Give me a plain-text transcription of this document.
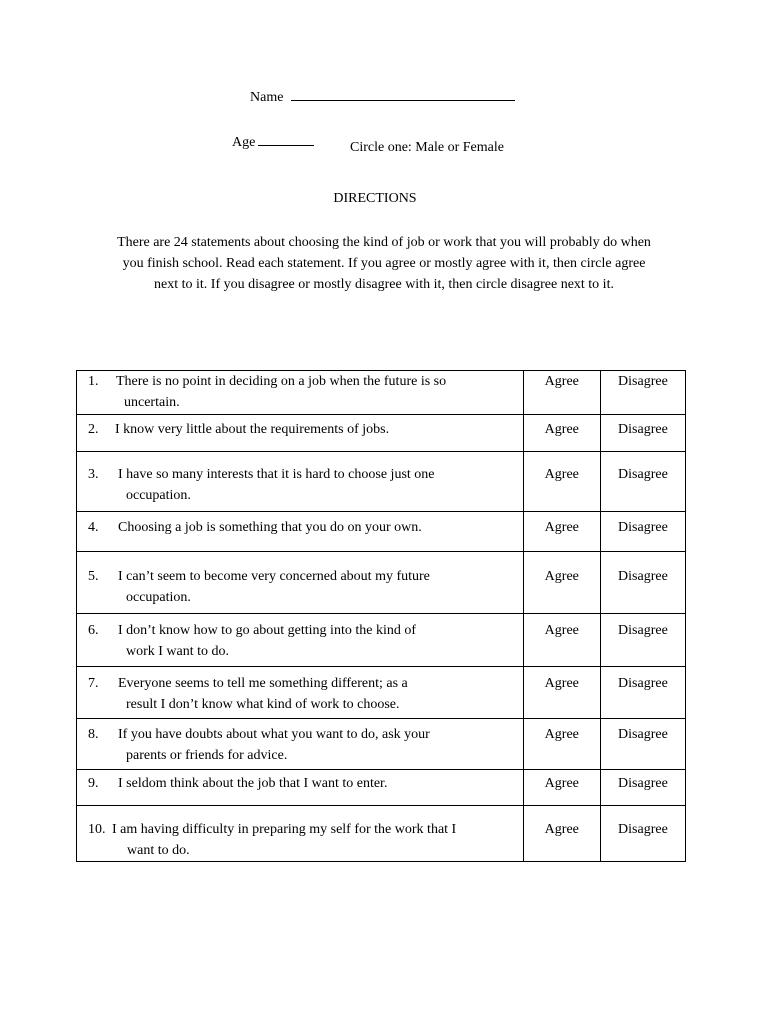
Name
Age	Circle one: Male or Female
DIRECTIONS
There are 24 statements about choosing the kind of job or work that you will probably do when you finish school. Read each statement. If you agree or mostly agree with it, then circle agree next to it. If you disagree or mostly disagree with it, then circle disagree next to it.
1. There is no point in deciding on a job when the future is so
uncertain.	Agree	Disagree

2. I know very little about the requirements of jobs.	Agree	Disagree

3. I have so many interests that it is hard to choose just one
occupation.	Agree	Disagree

4. Choosing a job is something that you do on your own.	Agree	Disagree

5. I can’t seem to become very concerned about my future
occupation.	Agree	Disagree

6. I don’t know how to go about getting into the kind of
work I want to do.	Agree	Disagree

7. Everyone seems to tell me something different; as a
result I don’t know what kind of work to choose.	Agree	Disagree

8. If you have doubts about what you want to do, ask your
parents or friends for advice.	Agree	Disagree

9. I seldom think about the job that I want to enter.	Agree	Disagree

10. I am having difficulty in preparing my self for the work that I
want to do.	Agree	Disagree
